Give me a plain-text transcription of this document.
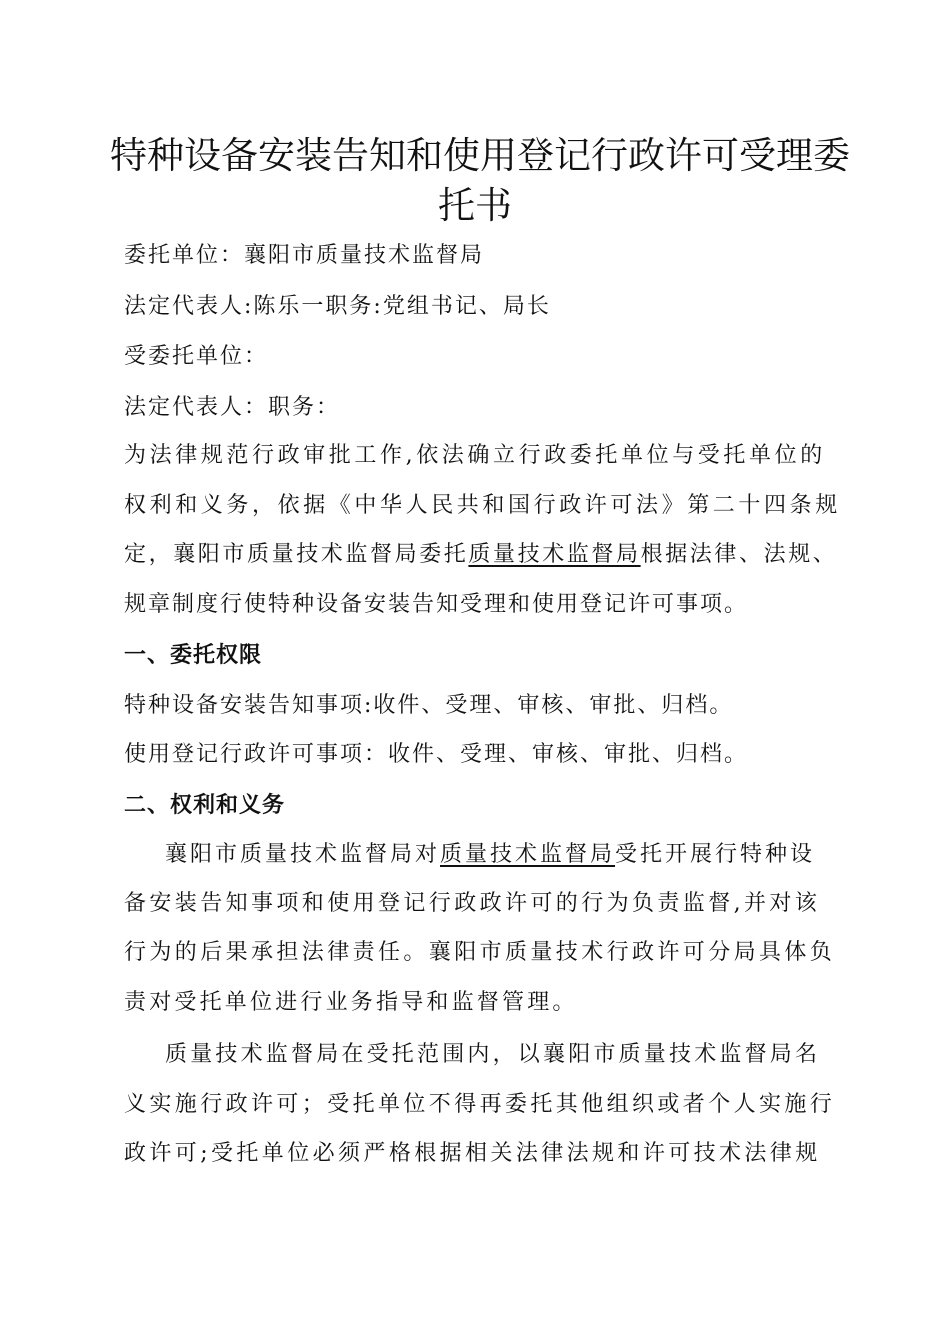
特种设备安装告知和使用登记行政许可受理委
托书
委托单位：襄阳市质量技术监督局
法定代表人:陈乐一职务:党组书记、局长
受委托单位：
法定代表人：职务：
为法律规范行政审批工作,依法确立行政委托单位与受托单位的
权利和义务，依据《中华人民共和国行政许可法》第二十四条规
定，襄阳市质量技术监督局委托质量技术监督局根据法律、法规、
规章制度行使特种设备安装告知受理和使用登记许可事项。
一、委托权限
特种设备安装告知事项:收件、受理、审核、审批、归档。
使用登记行政许可事项：收件、受理、审核、审批、归档。
二、权利和义务
襄阳市质量技术监督局对质量技术监督局受托开展行特种设
备安装告知事项和使用登记行政政许可的行为负责监督,并对该
行为的后果承担法律责任。襄阳市质量技术行政许可分局具体负
责对受托单位进行业务指导和监督管理。
质量技术监督局在受托范围内，以襄阳市质量技术监督局名
义实施行政许可；受托单位不得再委托其他组织或者个人实施行
政许可;受托单位必须严格根据相关法律法规和许可技术法律规
